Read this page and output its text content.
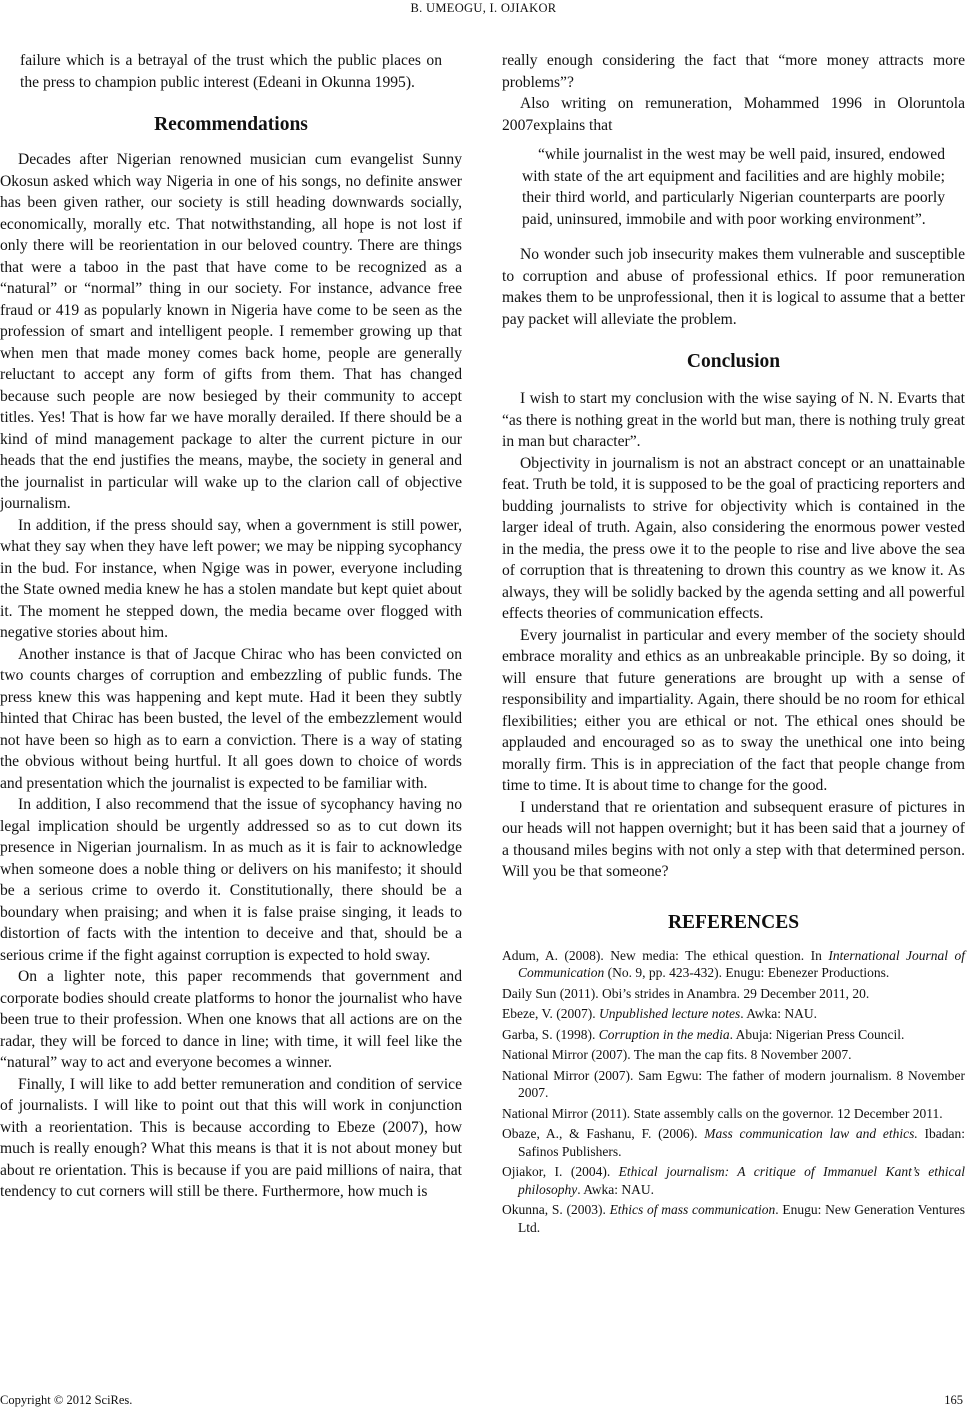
B. UMEOGU, I. OJIAKOR

failure which is a betrayal of the trust which the public places on the press to champion public interest (Edeani in Okunna 1995).

Recommendations

Decades after Nigerian renowned musician cum evangelist Sunny Okosun asked which way Nigeria in one of his songs, no definite answer has been given rather, our society is still heading downwards socially, economically, morally etc. That notwithstanding, all hope is not lost if only there will be reorientation in our beloved country. There are things that were a taboo in the past that have come to be recognized as a “natural” or “normal” thing in our society. For instance, advance free fraud or 419 as popularly known in Nigeria have come to be seen as the profession of smart and intelligent people. I remember growing up that when men that made money comes back home, people are generally reluctant to accept any form of gifts from them. That has changed because such people are now besieged by their community to accept titles. Yes! That is how far we have morally derailed. If there should be a kind of mind management package to alter the current picture in our heads that the end justifies the means, maybe, the society in general and the journalist in particular will wake up to the clarion call of objective journalism.

In addition, if the press should say, when a government is still power, what they say when they have left power; we may be nipping sycophancy in the bud. For instance, when Ngige was in power, everyone including the State owned media knew he has a stolen mandate but kept quiet about it. The moment he stepped down, the media became over flogged with negative stories about him.

Another instance is that of Jacque Chirac who has been convicted on two counts charges of corruption and embezzling of public funds. The press knew this was happening and kept mute. Had it been they subtly hinted that Chirac has been busted, the level of the embezzlement would not have been so high as to earn a conviction. There is a way of stating the obvious without being hurtful. It all goes down to choice of words and presentation which the journalist is expected to be familiar with.

In addition, I also recommend that the issue of sycophancy having no legal implication should be urgently addressed so as to cut down its presence in Nigerian journalism. In as much as it is fair to acknowledge when someone does a noble thing or delivers on his manifesto; it should be a serious crime to overdo it. Constitutionally, there should be a boundary when praising; and when it is false praise singing, it leads to distortion of facts with the intention to deceive and that, should be a serious crime if the fight against corruption is expected to hold sway.

On a lighter note, this paper recommends that government and corporate bodies should create platforms to honor the journalist who have been true to their profession. When one knows that all actions are on the radar, they will be forced to dance in line; with time, it will feel like the “natural” way to act and everyone becomes a winner.

Finally, I will like to add better remuneration and condition of service of journalists. I will like to point out that this will work in conjunction with a reorientation. This is because according to Ebeze (2007), how much is really enough? What this means is that it is not about money but about re orientation. This is because if you are paid millions of naira, that tendency to cut corners will still be there. Furthermore, how much is

really enough considering the fact that “more money attracts more problems”?

Also writing on remuneration, Mohammed 1996 in Oloruntola 2007explains that

“while journalist in the west may be well paid, insured, endowed with state of the art equipment and facilities and are highly mobile; their third world, and particularly Nigerian counterparts are poorly paid, uninsured, immobile and with poor working environment”.

No wonder such job insecurity makes them vulnerable and susceptible to corruption and abuse of professional ethics. If poor remuneration makes them to be unprofessional, then it is logical to assume that a better pay packet will alleviate the problem.

Conclusion

I wish to start my conclusion with the wise saying of N. N. Evarts that “as there is nothing great in the world but man, there is nothing truly great in man but character”.

Objectivity in journalism is not an abstract concept or an unattainable feat. Truth be told, it is supposed to be the goal of practicing reporters and budding journalists to strive for objectivity which is contained in the larger ideal of truth. Again, also considering the enormous power vested in the media, the press owe it to the people to rise and live above the sea of corruption that is threatening to drown this country as we know it. As always, they will be solidly backed by the agenda setting and all powerful effects theories of communication effects.

Every journalist in particular and every member of the society should embrace morality and ethics as an unbreakable principle. By so doing, it will ensure that future generations are brought up with a sense of responsibility and impartiality. Again, there should be no room for ethical flexibilities; either you are ethical or not. The ethical ones should be applauded and encouraged so as to sway the unethical one into being morally firm. This is in appreciation of the fact that people change from time to time. It is about time to change for the good.

I understand that re orientation and subsequent erasure of pictures in our heads will not happen overnight; but it has been said that a journey of a thousand miles begins with not only a step with that determined person. Will you be that someone?

REFERENCES
Adum, A. (2008). New media: The ethical question. In International Journal of Communication (No. 9, pp. 423-432). Enugu: Ebenezer Productions.
Daily Sun (2011). Obi’s strides in Anambra. 29 December 2011, 20.
Ebeze, V. (2007). Unpublished lecture notes. Awka: NAU.
Garba, S. (1998). Corruption in the media. Abuja: Nigerian Press Council.
National Mirror (2007). The man the cap fits. 8 November 2007.
National Mirror (2007). Sam Egwu: The father of modern journalism. 8 November 2007.
National Mirror (2011). State assembly calls on the governor. 12 December 2011.
Obaze, A., & Fashanu, F. (2006). Mass communication law and ethics. Ibadan: Safinos Publishers.
Ojiakor, I. (2004). Ethical journalism: A critique of Immanuel Kant’s ethical philosophy. Awka: NAU.
Okunna, S. (2003). Ethics of mass communication. Enugu: New Generation Ventures Ltd.
Copyright © 2012 SciRes.	165
